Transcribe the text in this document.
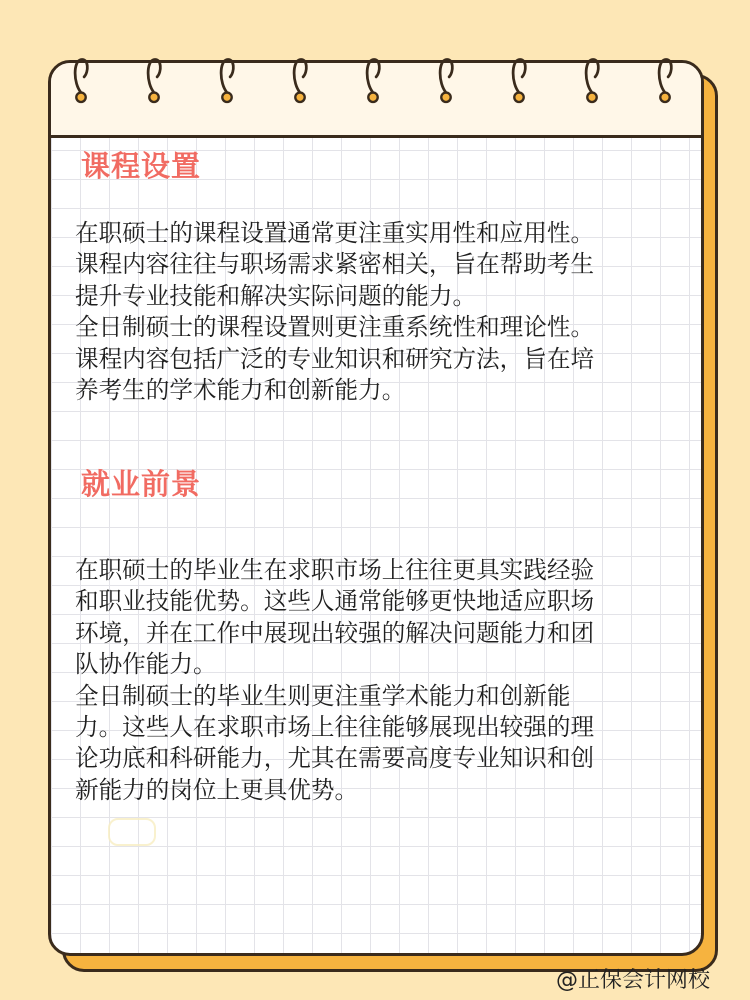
课程设置
在职硕士的课程设置通常更注重实用性和应用性。
课程内容往往与职场需求紧密相关，旨在帮助考生
提升专业技能和解决实际问题的能力。
全日制硕士的课程设置则更注重系统性和理论性。
课程内容包括广泛的专业知识和研究方法，旨在培
养考生的学术能力和创新能力。
就业前景
在职硕士的毕业生在求职市场上往往更具实践经验
和职业技能优势。这些人通常能够更快地适应职场
环境，并在工作中展现出较强的解决问题能力和团
队协作能力。
全日制硕士的毕业生则更注重学术能力和创新能
力。这些人在求职市场上往往能够展现出较强的理
论功底和科研能力，尤其在需要高度专业知识和创
新能力的岗位上更具优势。
@正保会计网校
